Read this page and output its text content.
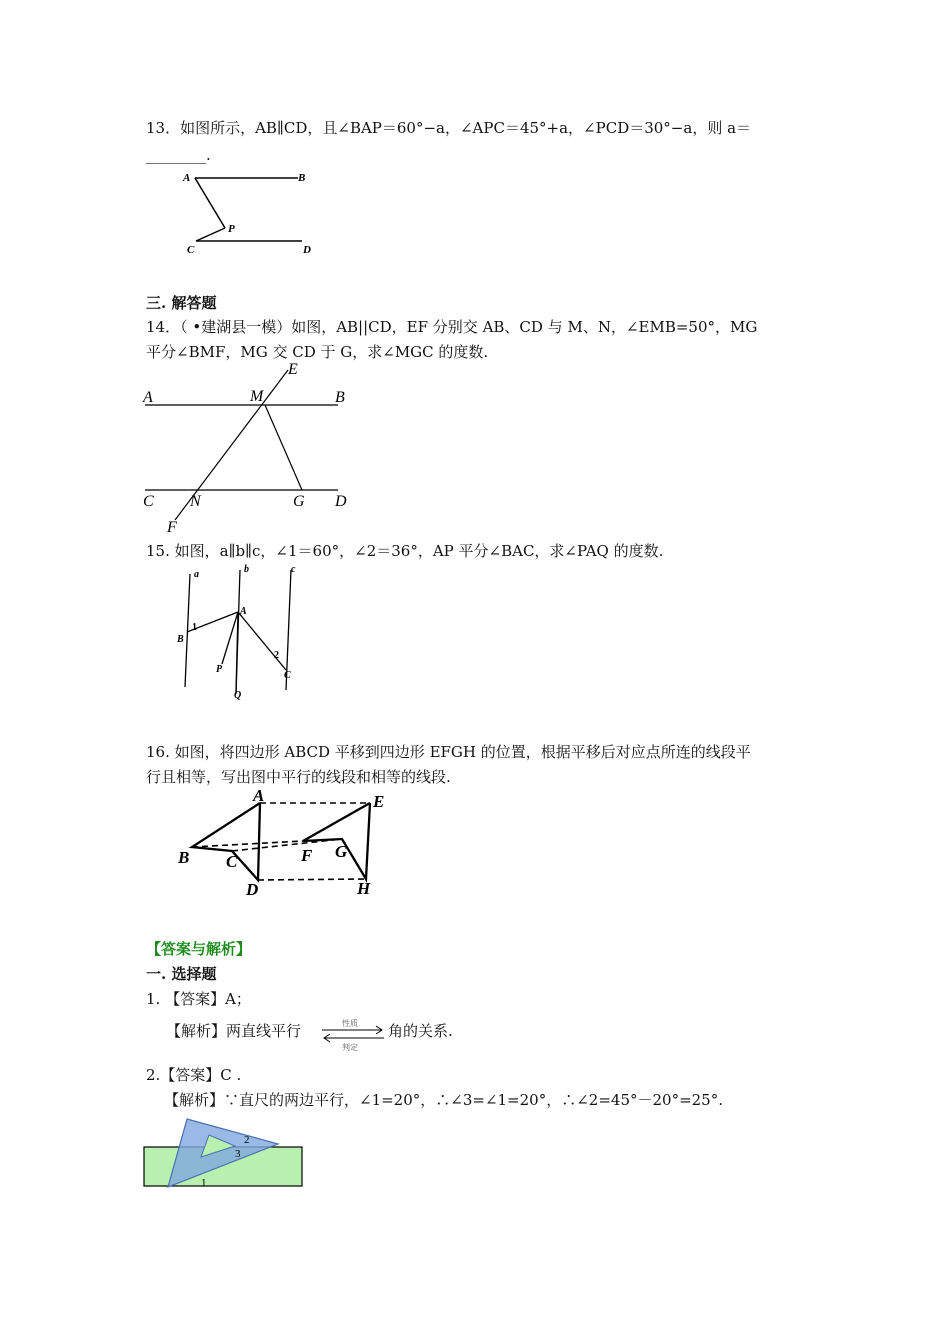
13．如图所示，AB∥CD，且∠BAP＝60°−a，∠APC＝45°+a，∠PCD＝30°−a，则 a＝
________.
A	B
P
C	D
三. 解答题
14．（ •建湖县一模）如图，AB||CD，EF 分别交 AB、CD 与 M、N，∠EMB=50°，MG
平分∠BMF，MG 交 CD 于 G，求∠MGC 的度数.
A	B
M
E
C N	G D
F
15. 如图，a∥b∥c，∠1＝60°，∠2＝36°，AP 平分∠BAC，求∠PAQ 的度数.
a	b	c
A
B
1
2
C
P
Q
16. 如图，将四边形 ABCD 平移到四边形 EFGH 的位置，根据平移后对应点所连的线段平
行且相等，写出图中平行的线段和相等的线段.
A
B C
D
E
F G
H
【答案与解析】
一. 选择题
1. 【答案】A；
【解析】两直线平行	性质
判定
角的关系.
2.【答案】C .
【解析】∵直尺的两边平行，∠1=20°，∴∠3=∠1=20°，∴∠2=45°－20°=25°.
2
3
1
